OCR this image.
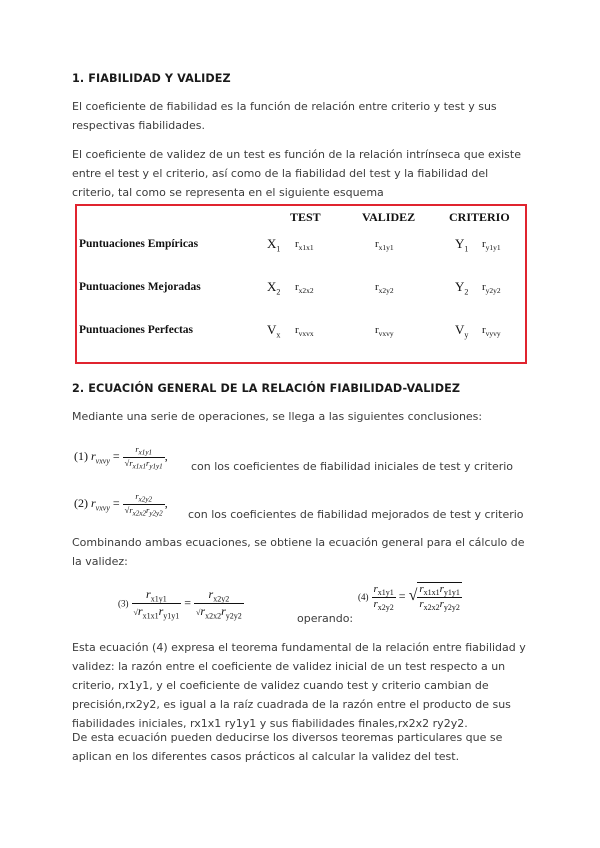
1. FIABILIDAD Y VALIDEZ
El coeficiente de fiabilidad es la función de relación entre criterio y test y sus respectivas fiabilidades.
El coeficiente de validez de un test es función de la relación intrínseca que existe entre el test y el criterio, así como de la fiabilidad del test y la fiabilidad del criterio, tal como se representa en el siguiente esquema
TEST	VALIDEZ	CRITERIO
Puntuaciones Empíricas	$X_1$ $r_{x1x1}$	$r_{x1y1}$	$Y_1$ $r_{y1y1}$
Puntuaciones Mejoradas	$X_2$ $r_{x2x2}$	$r_{x2y2}$	$Y_2$ $r_{y2y2}$
Puntuaciones Perfectas	$V_x$ $r_{vxvx}$	$r_{vxvy}$	$V_y$ $r_{vyvy}$
2. ECUACIÓN GENERAL DE LA RELACIÓN FIABILIDAD-VALIDEZ
Mediante una serie de operaciones, se llega a las siguientes conclusiones:
(1) $r_{vxvy} = \frac{r_{x1y1}}{√r_{x1x1}r_{y1y1}}$ ,
con los coeficientes de fiabilidad iniciales de test y criterio
(2) $r_{vxvy} = \frac{r_{x2y2}}{√r_{x2x2}r_{y2y2}}$ ,
con los coeficientes de fiabilidad mejorados de test y criterio
Combinando ambas ecuaciones, se obtiene la ecuación general para el cálculo de la validez:
$(3) \frac{r_{x1y1}}{√r_{x1x1}r_{y1y1}} = \frac{r_{x2y2}}{√r_{x2x2}r_{y2y2}}$	operando:
$(4) \frac{r_{x1y1}}{r_{x2y2}}$ = √ $\frac{r_{x1x1}r_{y1y1}}{r_{x2x2}r_{y2y2}}$
Esta ecuación (4) expresa el teorema fundamental de la relación entre fiabilidad y validez: la razón entre el coeficiente de validez inicial de un test respecto a un criterio, rx1y1, y el coeficiente de validez cuando test y criterio cambian de precisión,rx2y2, es igual a la raíz cuadrada de la razón entre el producto de sus fiabilidades iniciales, rx1x1 ry1y1 y sus fiabilidades finales,rx2x2 ry2y2.
De esta ecuación pueden deducirse los diversos teoremas particulares que se aplican en los diferentes casos prácticos al calcular la validez del test.
